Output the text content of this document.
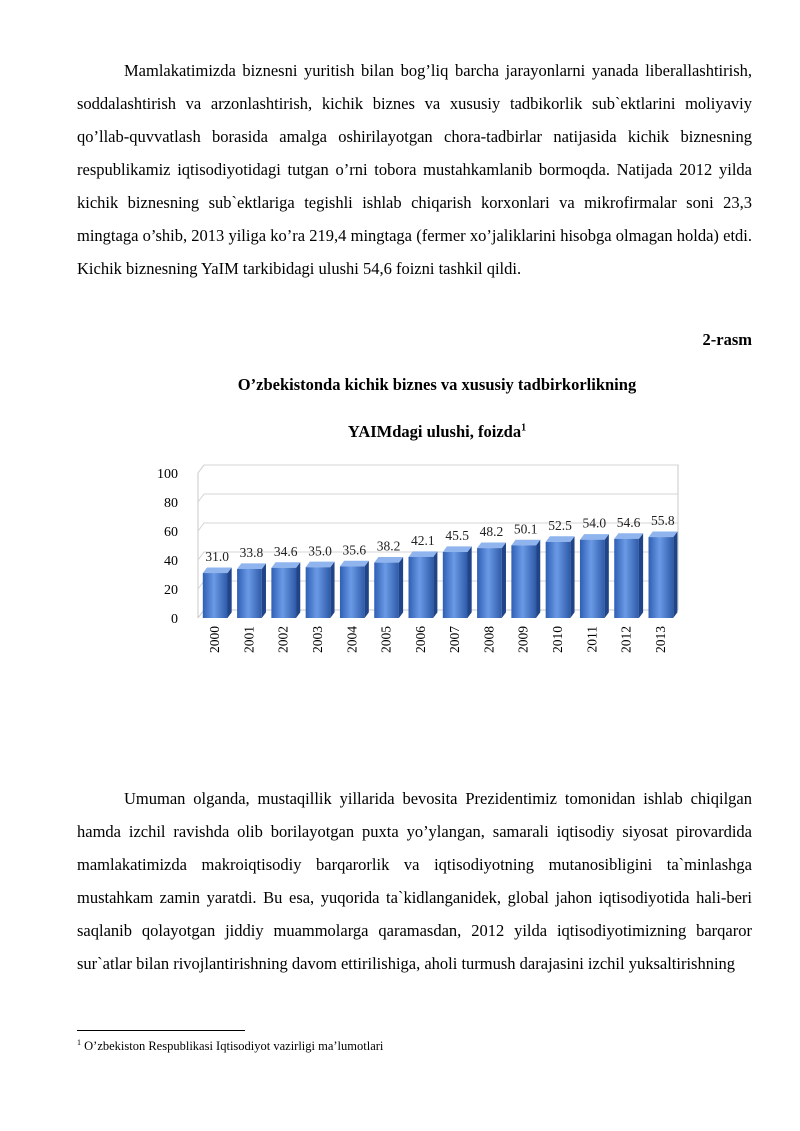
Mamlakatimizda biznesni yuritish bilan bog’liq barcha jarayonlarni yanada liberallashtirish, soddalashtirish va arzonlashtirish, kichik biznes va xususiy tadbikorlik sub`ektlarini moliyaviy qo’llab-quvvatlash borasida amalga oshirilayotgan chora-tadbirlar natijasida kichik biznesning respublikamiz iqtisodiyotidagi tutgan o’rni tobora mustahkamlanib bormoqda. Natijada 2012 yilda kichik biznesning sub`ektlariga tegishli ishlab chiqarish korxonlari va mikrofirmalar soni 23,3 mingtaga o’shib, 2013 yiliga ko’ra 219,4 mingtaga (fermer xo’jaliklarini hisobga olmagan holda) etdi. Kichik biznesning YaIM tarkibidagi ulushi 54,6 foizni tashkil qildi.

2-rasm
O’zbekistonda kichik biznes va xususiy tadbirkorlikning
YAIMdagi ulushi, foizda$^1$
0
20
40
60
80
100
31.0 33.8 34.6 35.0 35.6 38.2 42.1 45.5 48.2 50.1 52.5 54.0 54.6 55.8
2000 2001 2002 2003 2004 2005 2006 2007 2008 2009 2010 2011 2012 2013

Umuman olganda, mustaqillik yillarida bevosita Prezidentimiz tomonidan ishlab chiqilgan hamda izchil ravishda olib borilayotgan puxta yo’ylangan, samarali iqtisodiy siyosat pirovardida mamlakatimizda makroiqtisodiy barqarorlik va iqtisodiyotning mutanosibligini ta`minlashga mustahkam zamin yaratdi. Bu esa, yuqorida ta`kidlanganidek, global jahon iqtisodiyotida hali-beri saqlanib qolayotgan jiddiy muammolarga qaramasdan, 2012 yilda iqtisodiyotimizning barqaror sur`atlar bilan rivojlantirishning davom ettirilishiga, aholi turmush darajasini izchil yuksaltirishning

$^1$ O’zbekiston Respublikasi Iqtisodiyot vazirligi ma’lumotlari
